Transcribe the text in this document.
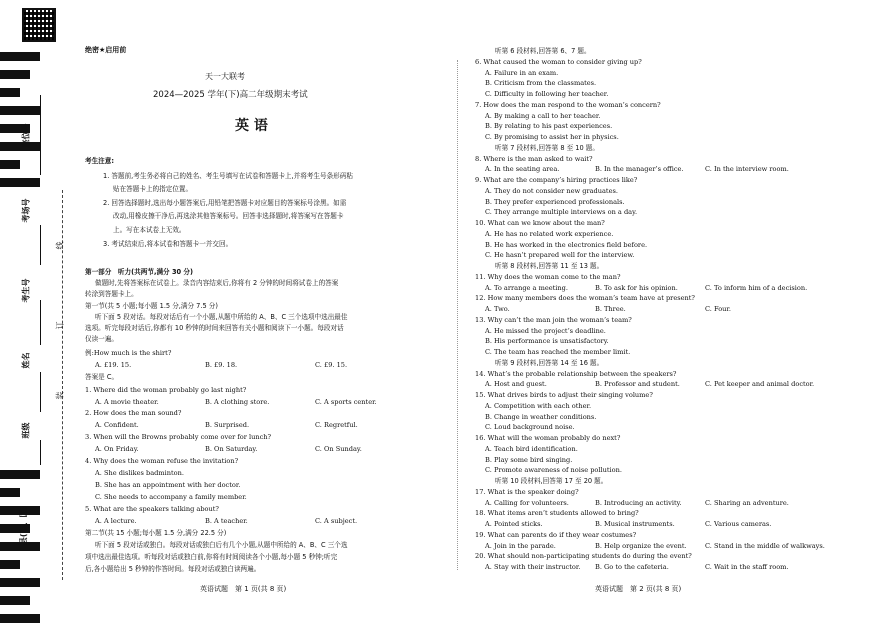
座位号
考场号
考生号
姓名
班级
县(市、区)
线
订
装
绝密★启用前
天一大联考
2024—2025 学年(下)高二年级期末考试
英 语
考生注意:
1. 答题前,考生务必将自己的姓名、考生号填写在试卷和答题卡上,并将考生号条形码粘
贴在答题卡上的指定位置。
2. 回答选择题时,选出每小题答案后,用铅笔把答题卡对应题目的答案标号涂黑。如需
改动,用橡皮擦干净后,再选涂其他答案标号。回答非选择题时,将答案写在答题卡
上。写在本试卷上无效。
3. 考试结束后,将本试卷和答题卡一并交回。
第一部分　听力(共两节,满分 30 分)
做题时,先将答案标在试卷上。录音内容结束后,你将有 2 分钟的时间将试卷上的答案
转涂到答题卡上。
第一节(共 5 小题;每小题 1.5 分,满分 7.5 分)
听下面 5 段对话。每段对话后有一个小题,从题中所给的 A、B、C 三个选项中选出最佳
选项。听完每段对话后,你都有 10 秒钟的时间来回答有关小题和阅读下一小题。每段对话
仅读一遍。
例:How much is the shirt?
A. £19. 15.	B. £9. 18.	C. £9. 15.
答案是 C。
1. Where did the woman probably go last night?
A. A movie theater.	B. A clothing store.	C. A sports center.
2. How does the man sound?
A. Confident.	B. Surprised.	C. Regretful.
3. When will the Browns probably come over for lunch?
A. On Friday.	B. On Saturday.	C. On Sunday.
4. Why does the woman refuse the invitation?
A. She dislikes badminton.
B. She has an appointment with her doctor.
C. She needs to accompany a family member.
5. What are the speakers talking about?
A. A lecture.	B. A teacher.	C. A subject.
第二节(共 15 小题;每小题 1.5 分,满分 22.5 分)
听下面 5 段对话或独白。每段对话或独白后有几个小题,从题中所给的 A、B、C 三个选
项中选出最佳选项。听每段对话或独白前,你将有时间阅读各个小题,每小题 5 秒钟;听完
后,各小题给出 5 秒钟的作答时间。每段对话或独白读两遍。
英语试题　第 1 页(共 8 页)
听第 6 段材料,回答第 6、7 题。
6. What caused the woman to consider giving up?
A. Failure in an exam.
B. Criticism from the classmates.
C. Difficulty in following her teacher.
7. How does the man respond to the woman’s concern?
A. By making a call to her teacher.
B. By relating to his past experiences.
C. By promising to assist her in physics.
听第 7 段材料,回答第 8 至 10 题。
8. Where is the man asked to wait?
A. In the seating area.	B. In the manager’s office.	C. In the interview room.
9. What are the company’s hiring practices like?
A. They do not consider new graduates.
B. They prefer experienced professionals.
C. They arrange multiple interviews on a day.
10. What can we know about the man?
A. He has no related work experience.
B. He has worked in the electronics field before.
C. He hasn’t prepared well for the interview.
听第 8 段材料,回答第 11 至 13 题。
11. Why does the woman come to the man?
A. To arrange a meeting.	B. To ask for his opinion.	C. To inform him of a decision.
12. How many members does the woman’s team have at present?
A. Two.	B. Three.	C. Four.
13. Why can’t the man join the woman’s team?
A. He missed the project’s deadline.
B. His performance is unsatisfactory.
C. The team has reached the member limit.
听第 9 段材料,回答第 14 至 16 题。
14. What’s the probable relationship between the speakers?
A. Host and guest.	B. Professor and student.	C. Pet keeper and animal doctor.
15. What drives birds to adjust their singing volume?
A. Competition with each other.
B. Change in weather conditions.
C. Loud background noise.
16. What will the woman probably do next?
A. Teach bird identification.
B. Play some bird singing.
C. Promote awareness of noise pollution.
听第 10 段材料,回答第 17 至 20 题。
17. What is the speaker doing?
A. Calling for volunteers.	B. Introducing an activity.	C. Sharing an adventure.
18. What items aren’t students allowed to bring?
A. Pointed sticks.	B. Musical instruments.	C. Various cameras.
19. What can parents do if they wear costumes?
A. Join in the parade.	B. Help organize the event.	C. Stand in the middle of walkways.
20. What should non-participating students do during the event?
A. Stay with their instructor. B. Go to the cafeteria.	C. Wait in the staff room.
英语试题　第 2 页(共 8 页)
